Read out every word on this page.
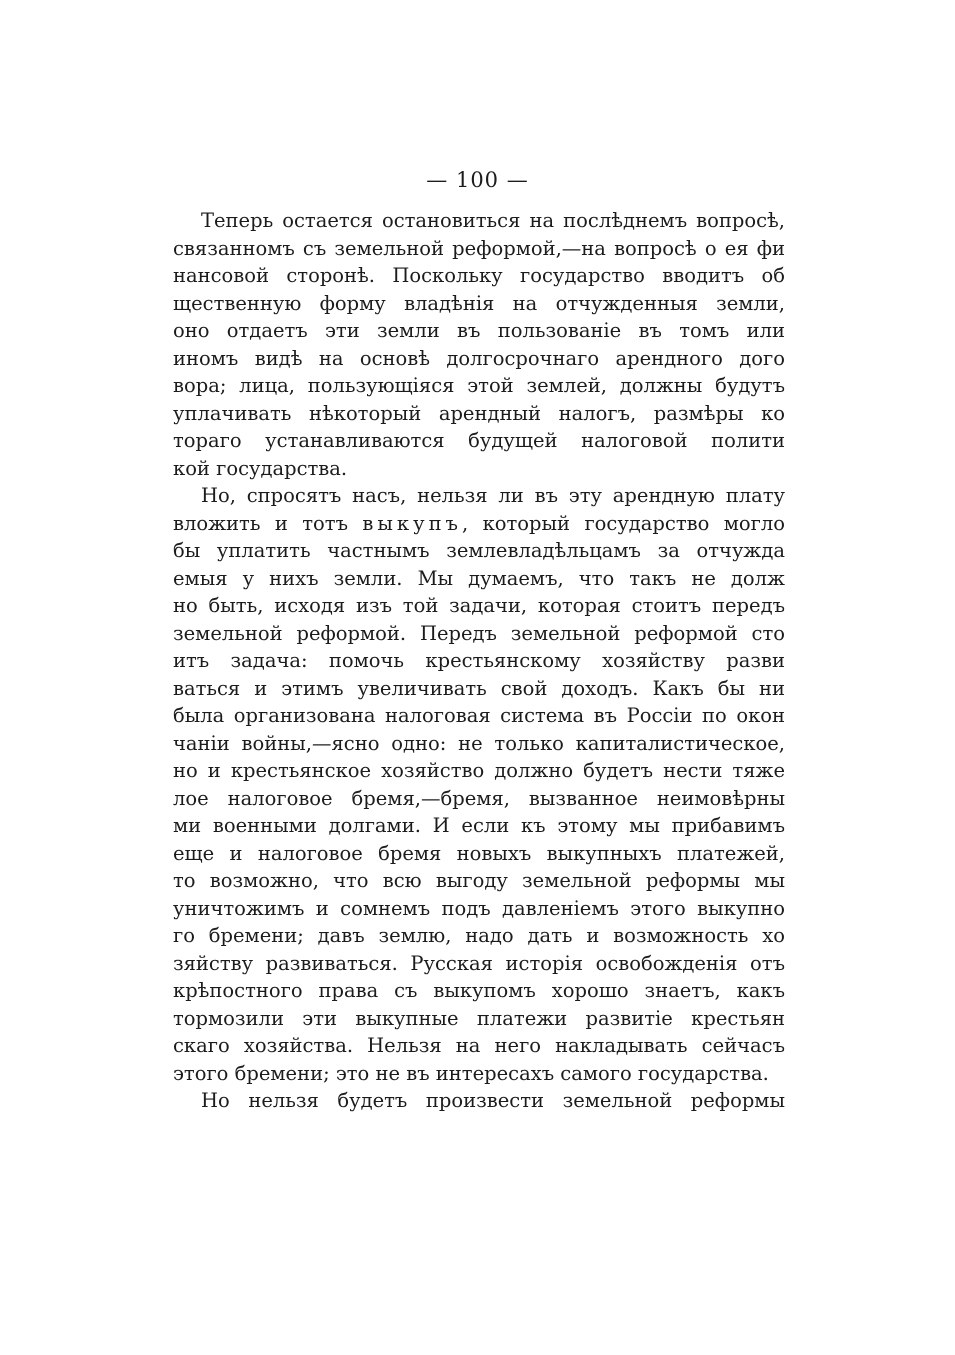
— 100 —
Теперь остается остановиться на послѣднемъ вопросѣ,
связанномъ съ земельной реформой,—на вопросѣ о ея фи
нансовой сторонѣ. Поскольку государство вводитъ об
щественную форму владѣнія на отчужденныя земли,
оно отдаетъ эти земли въ пользованіе въ томъ или
иномъ видѣ на основѣ долгосрочнаго арендного дого
вора; лица, пользующіяся этой землей, должны будутъ
уплачивать нѣкоторый арендный налогъ, размѣры ко
тораго устанавливаются будущей налоговой полити
кой государства.
Но, спросятъ насъ, нельзя ли въ эту арендную плату
вложить и тотъ выкупъ, который государство могло
бы уплатить частнымъ землевладѣльцамъ за отчужда
емыя у нихъ земли. Мы думаемъ, что такъ не долж
но быть, исходя изъ той задачи, которая стоитъ передъ
земельной реформой. Передъ земельной реформой сто
итъ задача: помочь крестьянскому хозяйству разви
ваться и этимъ увеличивать свой доходъ. Какъ бы ни
была организована налоговая система въ Россіи по окон
чаніи войны,—ясно одно: не только капиталистическое,
но и крестьянское хозяйство должно будетъ нести тяже
лое налоговое бремя,—бремя, вызванное неимовѣрны
ми военными долгами. И если къ этому мы прибавимъ
еще и налоговое бремя новыхъ выкупныхъ платежей,
то возможно, что всю выгоду земельной реформы мы
уничтожимъ и сомнемъ подъ давленіемъ этого выкупно
го бремени; давъ землю, надо дать и возможность хо
зяйству развиваться. Русская исторія освобожденія отъ
крѣпостного права съ выкупомъ хорошо знаетъ, какъ
тормозили эти выкупные платежи развитіе крестьян
скаго хозяйства. Нельзя на него накладывать сейчасъ
этого бремени; это не въ интересахъ самого государства.
Но нельзя будетъ произвести земельной реформы
